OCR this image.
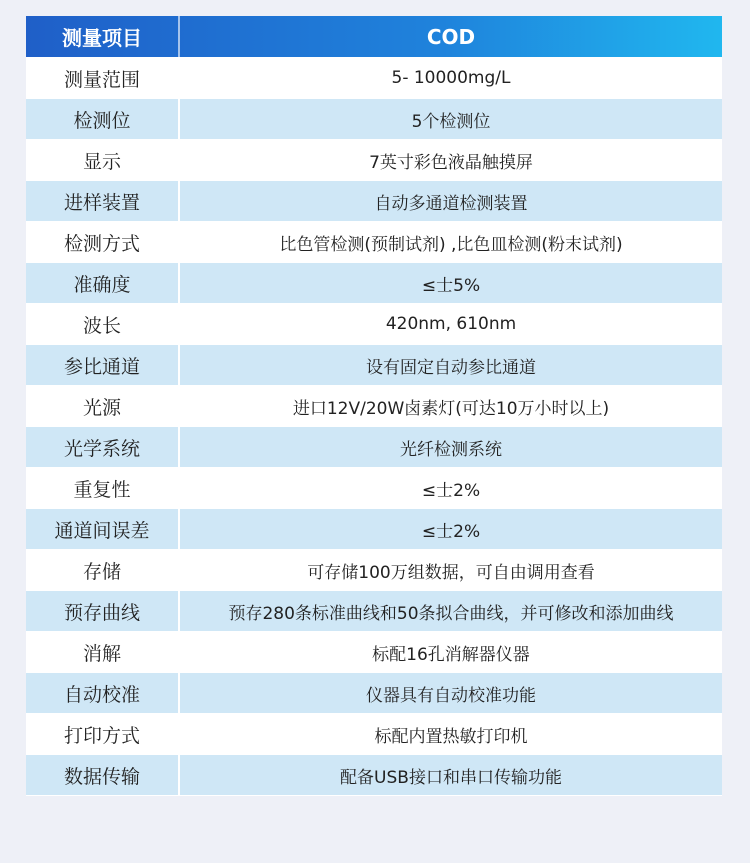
测量项目	COD
测量范围	5- 10000mg/L
检测位	5个检测位
显示	7英寸彩色液晶触摸屏
进样装置	自动多通道检测装置
检测方式	比色管检测(预制试剂) ,比色皿检测(粉末试剂)
准确度	≤士5%
波长	420nm, 610nm
参比通道	设有固定自动参比通道
光源	进口12V/20W卤素灯(可达10万小时以上)
光学系统	光纤检测系统
重复性	≤士2%
通道间误差	≤士2%
存储	可存储100万组数据，可自由调用查看
预存曲线	预存280条标准曲线和50条拟合曲线，并可修改和添加曲线
消解	标配16孔消解器仪器
自动校准	仪器具有自动校准功能
打印方式	标配内置热敏打印机
数据传输	配备USB接口和串口传输功能
